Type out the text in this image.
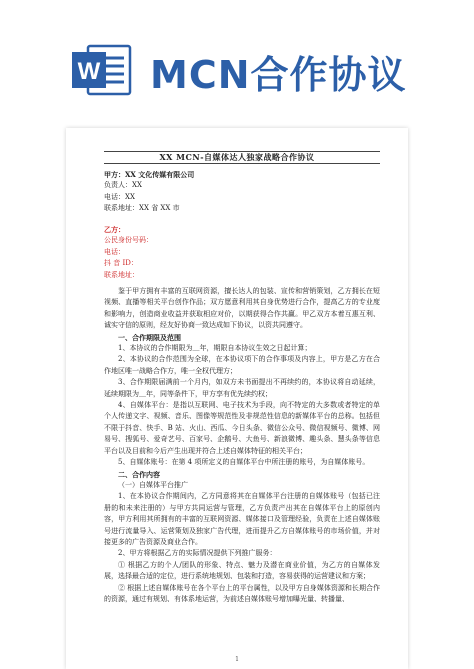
W MCN合作协议
XX MCN-自媒体达人独家战略合作协议

甲方：XX 文化传媒有限公司

负责人：XX

电话：XX

联系地址：XX 省 XX 市

乙方：

公民身份号码：

电话：

抖 音 ID：

联系地址：

鉴于甲方拥有丰富的互联网资源，擅长达人的包装、宣传和营销策划，乙方拥长在短视频、直播等相关平台创作作品；双方愿意利用其自身优势进行合作，提高乙方的专业度和影响力，创造商业收益并获取相应对价，以期获得合作共赢。甲乙双方本着互惠互利、诚实守信的原则，经友好协商一致达成如下协议，以资共同遵守。

一、合作期限及范围

1、本协议的合作期限为＿年，期限自本协议生效之日起计算；

2、本协议的合作范围为全球，在本协议项下的合作事项及内容上，甲方是乙方在合作地区唯一战略合作方，唯一全权代理方；

3、合作期限届满前一个月内，如双方未书面提出不再续约的，本协议将自动延续，延续期限为＿年，同等条件下，甲方享有优先续约权；

4、自媒体平台：是指以互联网、电子技术为手段，向不特定的大多数或者特定的单个人传递文字、视频、音乐、图像等规范性及非规范性信息的新媒体平台的总称。包括但不限于抖音、快手、B 站、火山、西瓜、今日头条、微信公众号、微信视频号、微博、网易号、搜狐号、爱奇艺号、百家号、企鹅号、大鱼号、新浪微博、趣头条、慧头条等信息平台以及目前和今后产生出现并符合上述自媒体特征的相关平台；

5、自媒体账号：在第 4 项所定义的自媒体平台中所注册的账号，为自媒体账号。

二、合作内容

（一）自媒体平台推广

1、在本协议合作期间内，乙方同意将其在自媒体平台注册的自媒体账号（包括已注册的和未来注册的）与甲方共同运营与管理，乙方负责产出其在自媒体平台上的原创内容，甲方利用其所拥有的丰富的互联网资源、媒体接口及管理经验，负责在上述自媒体账号进行流量导入、运营策划及独家广告代理，进而提升乙方自媒体账号的市场价值，并对接更多的广告资源及商业合作。

2、甲方将根据乙方的实际情况提供下列推广服务：

① 根据乙方的个人/团队的形象、特点、魅力及潜在商业价值，为乙方的自媒体发展，选择最合适的定位，进行系统地规划、包装和打造，容易获得的运营建议和方案；

② 根据上述自媒体账号在各个平台上的平台属性，以及甲方自身媒体资源和长期合作的资源，通过有规划、有体系地运营，为前述自媒体账号增加曝光量、转播量、

1
